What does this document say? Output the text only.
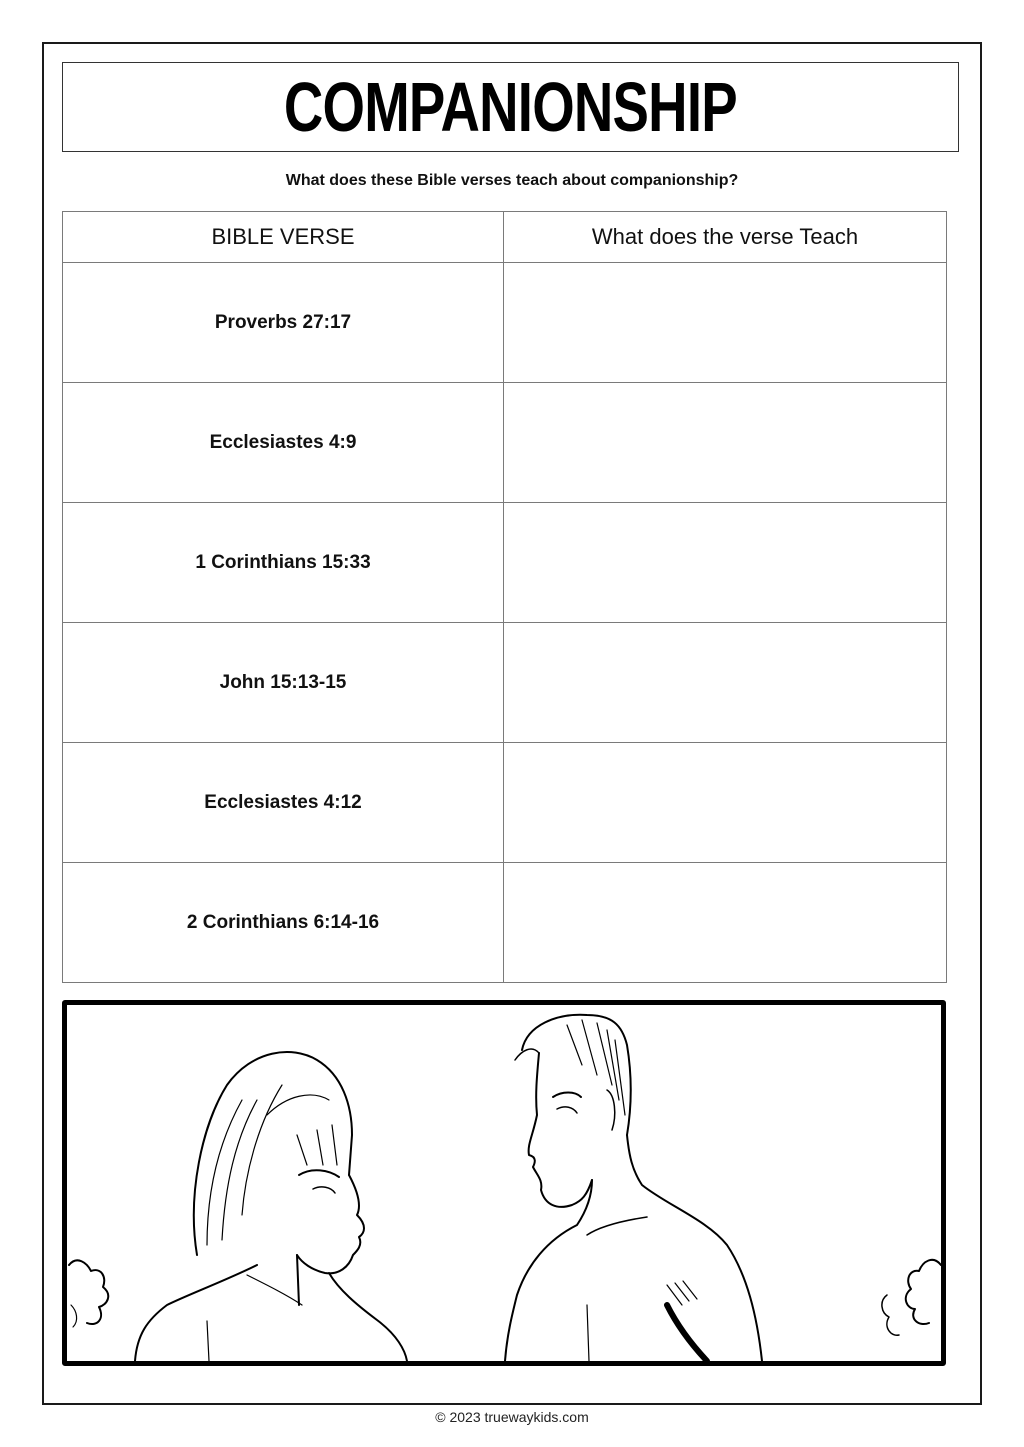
COMPANIONSHIP
What does these Bible verses teach about companionship?
BIBLE VERSE	What does the verse Teach
Proverbs 27:17	
Ecclesiastes 4:9	
1 Corinthians 15:33	
John 15:13-15	
Ecclesiastes 4:12	
2 Corinthians 6:14-16	
© 2023 truewaykids.com
